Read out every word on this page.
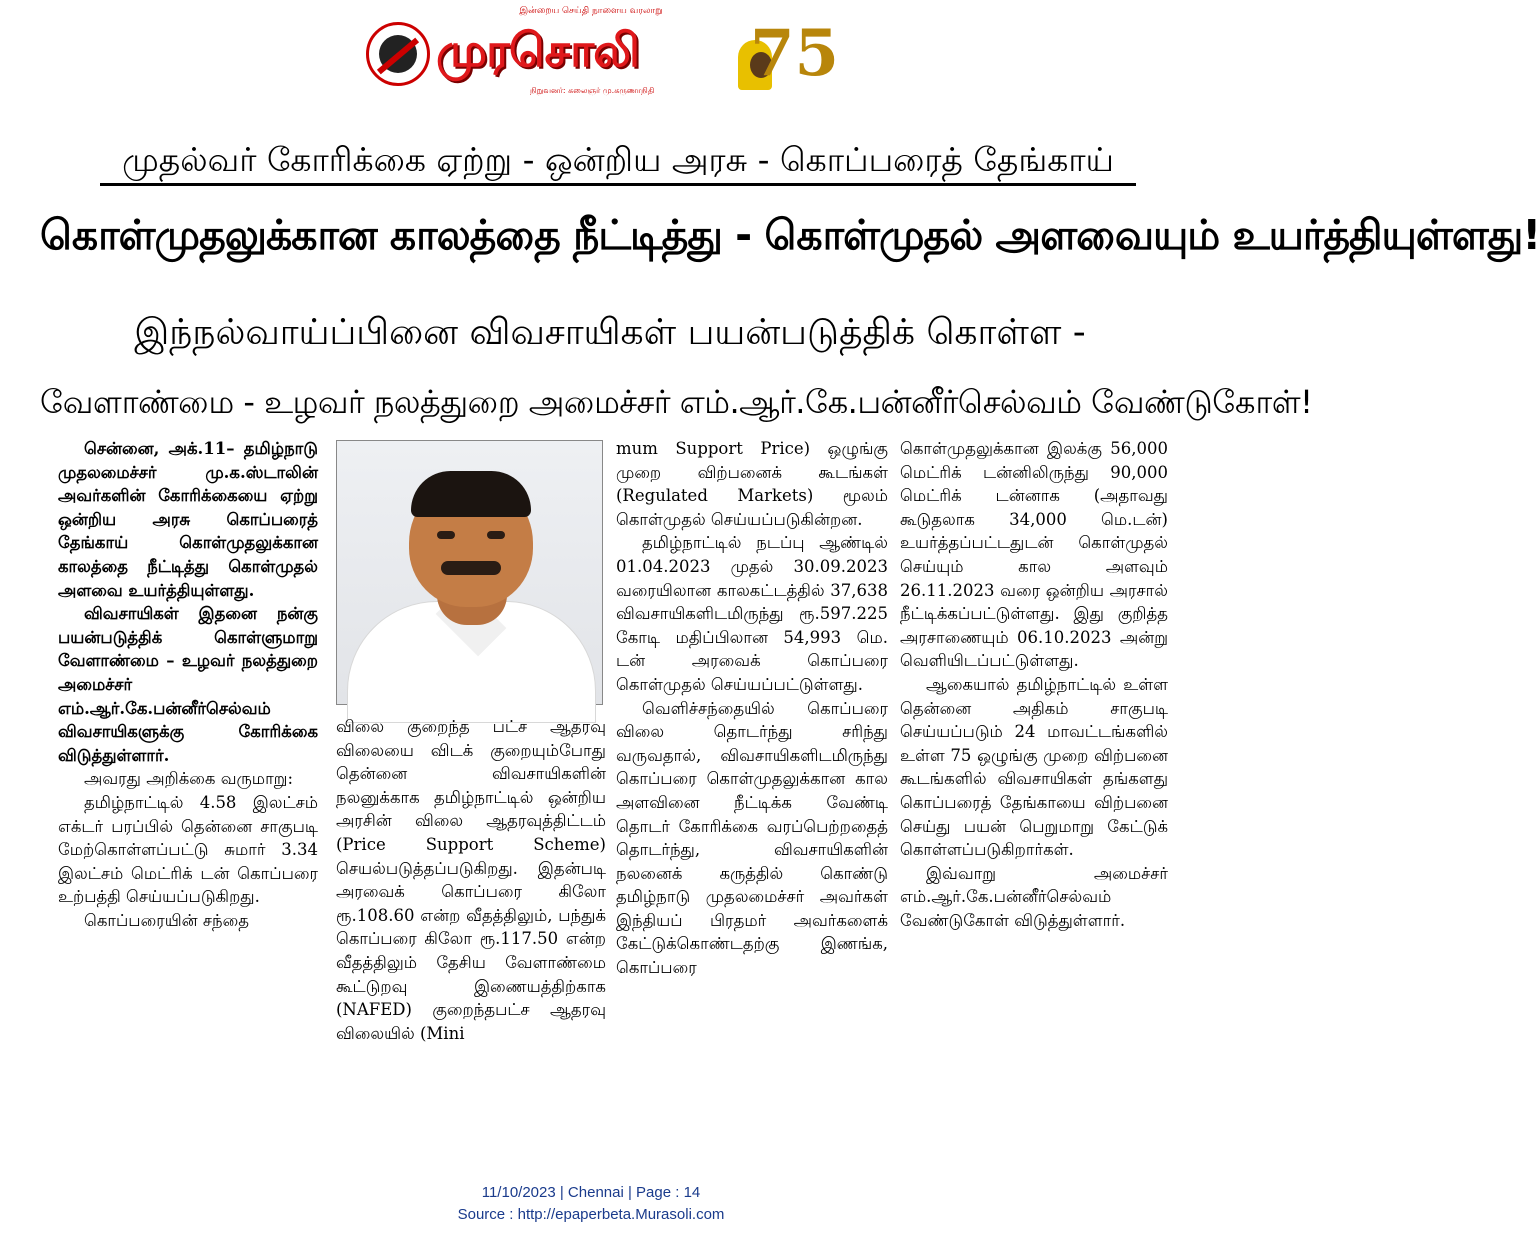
இன்றைய செய்தி நாளைய வரலாறு
முரசொலி
நிறுவனர்: கலைஞர் மு.கருணாநிதி 75
முதல்வர் கோரிக்கை ஏற்று - ஒன்றிய அரசு - கொப்பரைத் தேங்காய்
கொள்முதலுக்கான காலத்தை நீட்டித்து - கொள்முதல் அளவையும் உயர்த்தியுள்ளது!
இந்நல்வாய்ப்பினை விவசாயிகள் பயன்படுத்திக் கொள்ள -
வேளாண்மை - உழவர் நலத்துறை அமைச்சர் எம்.ஆர்.கே.பன்னீர்செல்வம் வேண்டுகோள்!

சென்னை, அக்.11– தமிழ்நாடு முதலமைச்சர் மு.க.ஸ்டாலின் அவர்களின் கோரிக்கையை ஏற்று ஒன்றிய அரசு கொப்பரைத் தேங்காய் கொள்முதலுக்கான காலத்தை நீட்டித்து கொள்முதல் அளவை உயர்த்தியுள்ளது.

விவசாயிகள் இதனை நன்கு பயன்படுத்திக் கொள்ளுமாறு வேளாண்மை – உழவர் நலத்துறை அமைச்சர் எம்.ஆர்.கே.பன்னீர்செல்வம் விவசாயிகளுக்கு கோரிக்கை விடுத்துள்ளார்.

அவரது அறிக்கை வருமாறு:

தமிழ்நாட்டில் 4.58 இலட்சம் எக்டர் பரப்பில் தென்னை சாகுபடி மேற்கொள்ளப்பட்டு சுமார் 3.34 இலட்சம் மெட்ரிக் டன் கொப்பரை உற்பத்தி செய்யப்படுகிறது.

கொப்பரையின் சந்தை

விலை குறைந்த பட்ச ஆதரவு விலையை விடக் குறையும்போது தென்னை விவசாயிகளின் நலனுக்காக தமிழ்நாட்டில் ஒன்றிய அரசின் விலை ஆதரவுத்திட்டம் (Price Support Scheme) செயல்படுத்தப்படுகிறது. இதன்படி அரவைக் கொப்பரை கிலோ ரூ.108.60 என்ற வீதத்திலும், பந்துக் கொப்பரை கிலோ ரூ.117.50 என்ற வீதத்திலும் தேசிய வேளாண்மை கூட்டுறவு இணையத்திற்காக (NAFED) குறைந்தபட்ச ஆதரவு விலையில் (Mini

mum Support Price) ஒழுங்கு முறை விற்பனைக் கூடங்கள் (Regulated Markets) மூலம் கொள்முதல் செய்யப்படுகின்றன.

தமிழ்நாட்டில் நடப்பு ஆண்டில் 01.04.2023 முதல் 30.09.2023 வரையிலான காலகட்டத்தில் 37,638 விவசாயிகளிடமிருந்து ரூ.597.225 கோடி மதிப்பிலான 54,993 மெ. டன் அரவைக் கொப்பரை கொள்முதல் செய்யப்பட்டுள்ளது.

வெளிச்சந்தையில் கொப்பரை விலை தொடர்ந்து சரிந்து வருவதால், விவசாயிகளிடமிருந்து கொப்பரை கொள்முதலுக்கான கால அளவினை நீட்டிக்க வேண்டி தொடர் கோரிக்கை வரப்பெற்றதைத் தொடர்ந்து, விவசாயிகளின் நலனைக் கருத்தில் கொண்டு தமிழ்நாடு முதலமைச்சர் அவர்கள் இந்தியப் பிரதமர் அவர்களைக் கேட்டுக்கொண்டதற்கு இணங்க, கொப்பரை

கொள்முதலுக்கான இலக்கு 56,000 மெட்ரிக் டன்னிலிருந்து 90,000 மெட்ரிக் டன்னாக (அதாவது கூடுதலாக 34,000 மெ.டன்) உயர்த்தப்பட்டதுடன் கொள்முதல் செய்யும் கால அளவும் 26.11.2023 வரை ஒன்றிய அரசால் நீட்டிக்கப்பட்டுள்ளது. இது குறித்த அரசாணையும் 06.10.2023 அன்று வெளியிடப்பட்டுள்ளது.

ஆகையால் தமிழ்நாட்டில் உள்ள தென்னை அதிகம் சாகுபடி செய்யப்படும் 24 மாவட்டங்களில் உள்ள 75 ஒழுங்கு முறை விற்பனை கூடங்களில் விவசாயிகள் தங்களது கொப்பரைத் தேங்காயை விற்பனை செய்து பயன் பெறுமாறு கேட்டுக் கொள்ளப்படுகிறார்கள்.

இவ்வாறு அமைச்சர் எம்.ஆர்.கே.பன்னீர்செல்வம் வேண்டுகோள் விடுத்துள்ளார்.

11/10/2023 | Chennai | Page : 14
Source : http://epaperbeta.Murasoli.com
